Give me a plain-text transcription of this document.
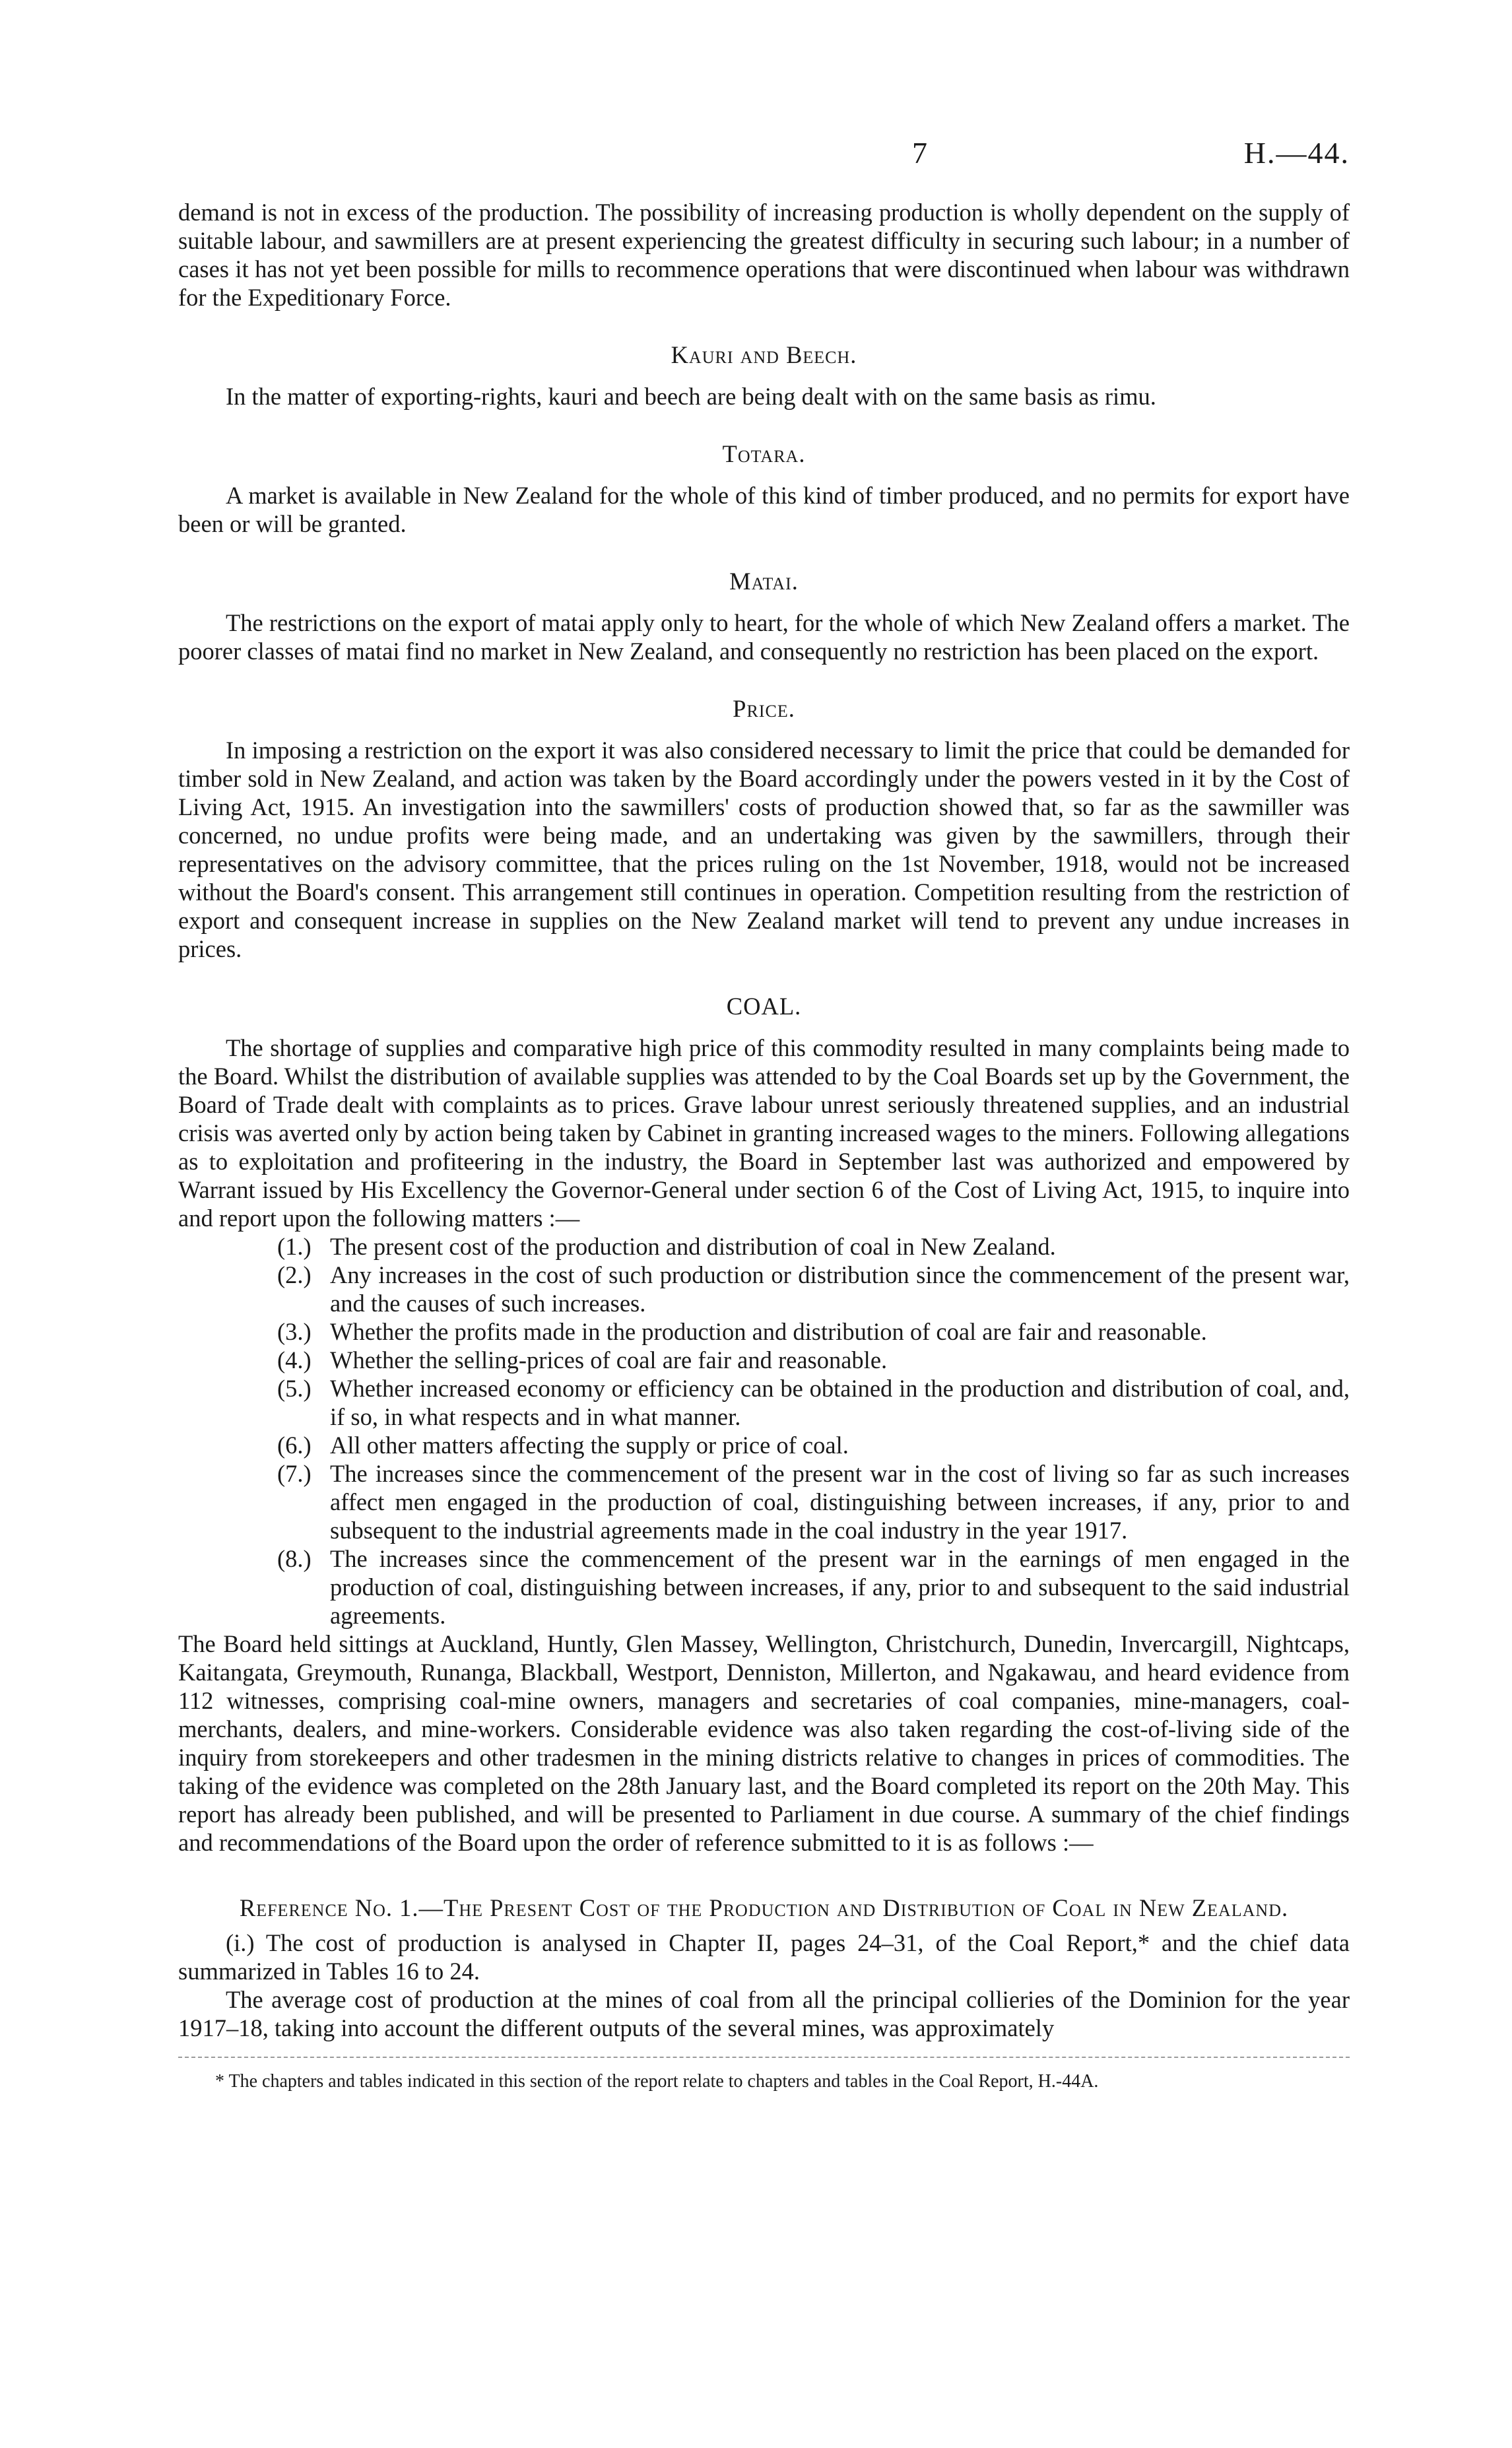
7	H.—44.

demand is not in excess of the production. The possibility of increasing production is wholly dependent on the supply of suitable labour, and sawmillers are at present experiencing the greatest difficulty in securing such labour; in a number of cases it has not yet been possible for mills to recommence operations that were discontinued when labour was withdrawn for the Expeditionary Force.

Kauri and Beech.

In the matter of exporting-rights, kauri and beech are being dealt with on the same basis as rimu.

Totara.

A market is available in New Zealand for the whole of this kind of timber produced, and no permits for export have been or will be granted.

Matai.

The restrictions on the export of matai apply only to heart, for the whole of which New Zealand offers a market. The poorer classes of matai find no market in New Zealand, and consequently no restriction has been placed on the export.

Price.

In imposing a restriction on the export it was also considered necessary to limit the price that could be demanded for timber sold in New Zealand, and action was taken by the Board accordingly under the powers vested in it by the Cost of Living Act, 1915. An investigation into the sawmillers' costs of production showed that, so far as the sawmiller was concerned, no undue profits were being made, and an undertaking was given by the sawmillers, through their representatives on the advisory committee, that the prices ruling on the 1st November, 1918, would not be increased without the Board's consent. This arrangement still continues in operation. Competition resulting from the restriction of export and consequent increase in supplies on the New Zealand market will tend to prevent any undue increases in prices.

COAL.

The shortage of supplies and comparative high price of this commodity resulted in many complaints being made to the Board. Whilst the distribution of available supplies was attended to by the Coal Boards set up by the Government, the Board of Trade dealt with complaints as to prices. Grave labour unrest seriously threatened supplies, and an industrial crisis was averted only by action being taken by Cabinet in granting increased wages to the miners. Following allegations as to exploitation and profiteering in the industry, the Board in September last was authorized and empowered by Warrant issued by His Excellency the Governor-General under section 6 of the Cost of Living Act, 1915, to inquire into and report upon the following matters :—

(1.) The present cost of the production and distribution of coal in New Zealand.
(2.) Any increases in the cost of such production or distribution since the commencement of the present war, and the causes of such increases.
(3.) Whether the profits made in the production and distribution of coal are fair and reasonable.
(4.) Whether the selling-prices of coal are fair and reasonable.
(5.) Whether increased economy or efficiency can be obtained in the production and distribution of coal, and, if so, in what respects and in what manner.
(6.) All other matters affecting the supply or price of coal.
(7.) The increases since the commencement of the present war in the cost of living so far as such increases affect men engaged in the production of coal, distinguishing between increases, if any, prior to and subsequent to the industrial agreements made in the coal industry in the year 1917.
(8.) The increases since the commencement of the present war in the earnings of men engaged in the production of coal, distinguishing between increases, if any, prior to and subsequent to the said industrial agreements.

The Board held sittings at Auckland, Huntly, Glen Massey, Wellington, Christchurch, Dunedin, Invercargill, Nightcaps, Kaitangata, Greymouth, Runanga, Blackball, Westport, Denniston, Millerton, and Ngakawau, and heard evidence from 112 witnesses, comprising coal-mine owners, managers and secretaries of coal companies, mine-managers, coal-merchants, dealers, and mine-workers. Considerable evidence was also taken regarding the cost-of-living side of the inquiry from storekeepers and other tradesmen in the mining districts relative to changes in prices of commodities. The taking of the evidence was completed on the 28th January last, and the Board completed its report on the 20th May. This report has already been published, and will be presented to Parliament in due course. A summary of the chief findings and recommendations of the Board upon the order of reference submitted to it is as follows :—

Reference No. 1.—The Present Cost of the Production and Distribution of Coal in New Zealand.

(i.) The cost of production is analysed in Chapter II, pages 24–31, of the Coal Report,* and the chief data summarized in Tables 16 to 24.

The average cost of production at the mines of coal from all the principal collieries of the Dominion for the year 1917–18, taking into account the different outputs of the several mines, was approximately

* The chapters and tables indicated in this section of the report relate to chapters and tables in the Coal Report, H.-44A.
